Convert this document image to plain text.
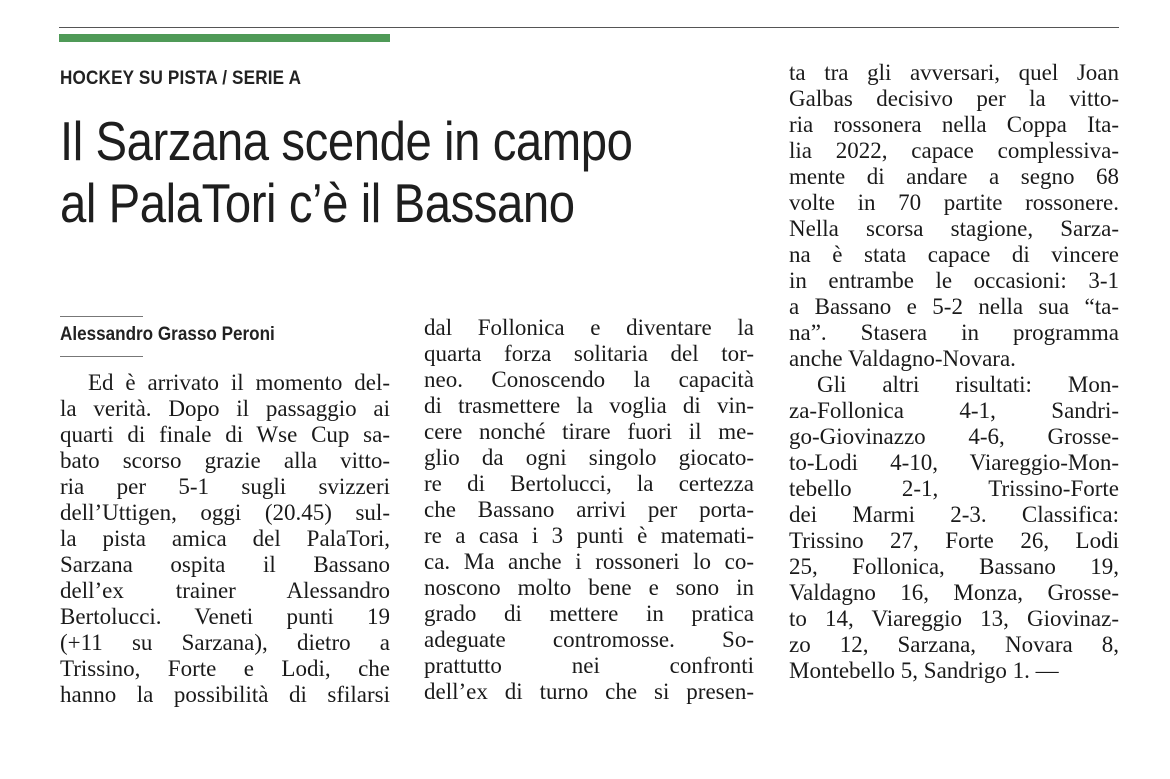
HOCKEY SU PISTA / SERIE A
Il Sarzana scende in campo
al PalaTori c’è il Bassano
Alessandro Grasso Peroni
Ed è arrivato il momento del-
la verità. Dopo il passaggio ai
quarti di finale di Wse Cup sa-
bato scorso grazie alla vitto-
ria per 5-1 sugli svizzeri
dell’Uttigen, oggi (20.45) sul-
la pista amica del PalaTori,
Sarzana ospita il Bassano
dell’ex trainer Alessandro
Bertolucci. Veneti punti 19
(+11 su Sarzana), dietro a
Trissino, Forte e Lodi, che
hanno la possibilità di sfilarsi
dal Follonica e diventare la
quarta forza solitaria del tor-
neo. Conoscendo la capacità
di trasmettere la voglia di vin-
cere nonché tirare fuori il me-
glio da ogni singolo giocato-
re di Bertolucci, la certezza
che Bassano arrivi per porta-
re a casa i 3 punti è matemati-
ca. Ma anche i rossoneri lo co-
noscono molto bene e sono in
grado di mettere in pratica
adeguate contromosse. So-
prattutto nei confronti
dell’ex di turno che si presen-
ta tra gli avversari, quel Joan
Galbas decisivo per la vitto-
ria rossonera nella Coppa Ita-
lia 2022, capace complessiva-
mente di andare a segno 68
volte in 70 partite rossonere.
Nella scorsa stagione, Sarza-
na è stata capace di vincere
in entrambe le occasioni: 3-1
a Bassano e 5-2 nella sua “ta-
na”. Stasera in programma
anche Valdagno-Novara.
Gli altri risultati: Mon-
za-Follonica 4-1, Sandri-
go-Giovinazzo 4-6, Grosse-
to-Lodi 4-10, Viareggio-Mon-
tebello 2-1, Trissino-Forte
dei Marmi 2-3. Classifica:
Trissino 27, Forte 26, Lodi
25, Follonica, Bassano 19,
Valdagno 16, Monza, Grosse-
to 14, Viareggio 13, Giovinaz-
zo 12, Sarzana, Novara 8,
Montebello 5, Sandrigo 1. —
